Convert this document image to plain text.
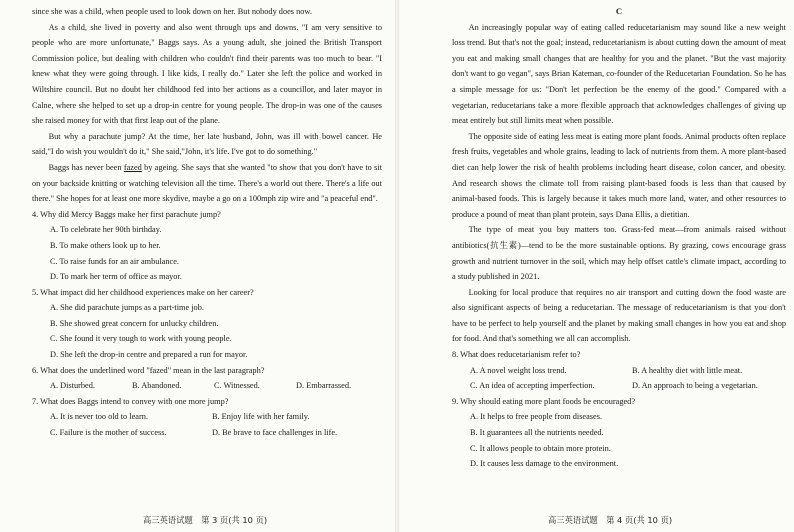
since she was a child, when people used to look down on her. But nobody does now.

As a child, she lived in poverty and also went through ups and downs. "I am very sensitive to people who are more unfortunate," Baggs says. As a young adult, she joined the British Transport Commission police, but dealing with children who couldn't find their parents was too much to bear. "I knew what they were going through. I like kids, I really do." Later she left the police and worked in Wiltshire council. But no doubt her childhood fed into her actions as a councillor, and later mayor in Calne, where she helped to set up a drop-in centre for young people. The drop-in was one of the causes she raised money for with that first leap out of the plane.

But why a parachute jump? At the time, her late husband, John, was ill with bowel cancer. He said,"I do wish you wouldn't do it," She said,"John, it's life. I've got to do something."

Baggs has never been fazed by ageing. She says that she wanted "to show that you don't have to sit on your backside knitting or watching television all the time. There's a world out there. There's a life out there." She hopes for at least one more skydive, maybe a go on a 100mph zip wire and "a peaceful end".

4. Why did Mercy Baggs make her first parachute jump?

A. To celebrate her 90th birthday.

B. To make others look up to her.

C. To raise funds for an air ambulance.

D. To mark her term of office as mayor.

5. What impact did her childhood experiences make on her career?

A. She did parachute jumps as a part-time job.

B. She showed great concern for unlucky children.

C. She found it very tough to work with young people.

D. She left the drop-in centre and prepared a run for mayor.

6. What does the underlined word "fazed" mean in the last paragraph?

A. Disturbed.	B. Abandoned.	C. Witnessed.	D. Embarrassed.

7. What does Baggs intend to convey with one more jump?

A. It is never too old to learn.	B. Enjoy life with her family.
C. Failure is the mother of success.	D. Be brave to face challenges in life.

C

An increasingly popular way of eating called reducetarianism may sound like a new weight loss trend. But that's not the goal; instead, reducetarianism is about cutting down the amount of meat you eat and making small changes that are healthy for you and the planet. "But the vast majority don't want to go vegan", says Brian Kateman, co-founder of the Reducetarian Foundation. So he has a simple message for us: "Don't let perfection be the enemy of the good." Compared with a vegetarian, reducetarians take a more flexible approach that acknowledges challenges of giving up meat entirely but still limits meat when possible.

The opposite side of eating less meat is eating more plant foods. Animal products often replace fresh fruits, vegetables and whole grains, leading to lack of nutrients from them. A more plant-based diet can help lower the risk of health problems including heart disease, colon cancer, and obesity. And research shows the climate toll from raising plant-based foods is less than that caused by animal-based foods. This is largely because it takes much more land, water, and other resources to produce a pound of meat than plant protein, says Dana Ellis, a dietitian.

The type of meat you buy matters too. Grass-fed meat—from animals raised without antibiotics(抗生素)—tend to be the more sustainable options. By grazing, cows encourage grass growth and nutrient turnover in the soil, which may help offset cattle's climate impact, according to a study published in 2021.

Looking for local produce that requires no air transport and cutting down the food waste are also significant aspects of being a reducetarian. The message of reducetarianism is that you don't have to be perfect to help yourself and the planet by making small changes in how you eat and shop for food. And that's something we all can accomplish.

8. What does reducetarianism refer to?

A. A novel weight loss trend.	B. A healthy diet with little meat.
C. An idea of accepting imperfection.	D. An approach to being a vegetarian.

9. Why should eating more plant foods be encouraged?

A. It helps to free people from diseases.

B. It guarantees all the nutrients needed.

C. It allows people to obtain more protein.

D. It causes less damage to the environment.

高三英语试题　第 3 页(共 10 页)	高三英语试题　第 4 页(共 10 页)
